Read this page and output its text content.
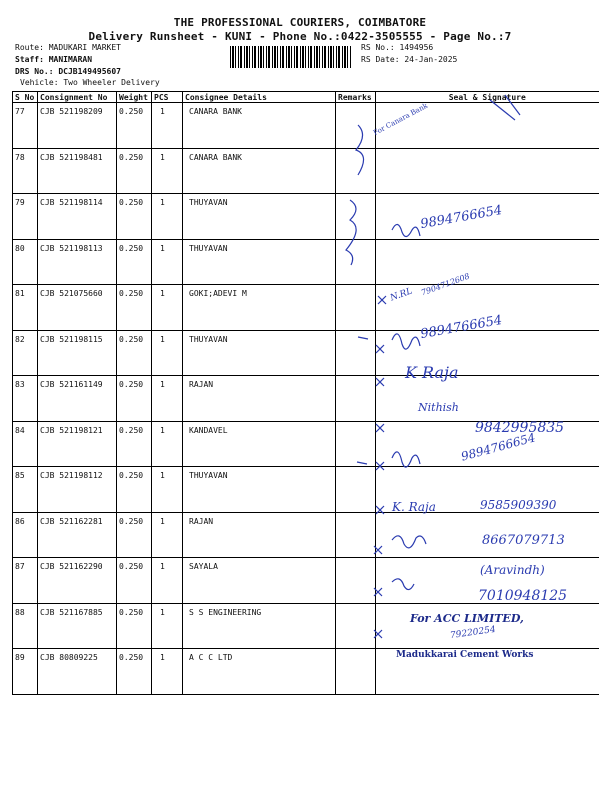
THE PROFESSIONAL COURIERS, COIMBATORE
Delivery Runsheet - KUNI - Phone No.:0422-3505555 - Page No.:7
Route: MADUKARI MARKET
Staff: MANIMARAN
DRS No.: DCJB149495607
Vehicle: Two Wheeler Delivery
RS No.: 1494956
RS Date: 24-Jan-2025
S No	Consignment No	Weight	PCS	Consignee Details	Remarks	Seal & Signature
77	CJB 521198209	0.250	1	CANARA BANK		
78	CJB 521198481	0.250	1	CANARA BANK		
79	CJB 521198114	0.250	1	THUYAVAN		
80	CJB 521198113	0.250	1	THUYAVAN		
81	CJB 521075660	0.250	1	GOKI;ADEVI M		
82	CJB 521198115	0.250	1	THUYAVAN		
83	CJB 521161149	0.250	1	RAJAN		
84	CJB 521198121	0.250	1	KANDAVEL		
85	CJB 521198112	0.250	1	THUYAVAN		
86	CJB 521162281	0.250	1	RAJAN		
87	CJB 521162290	0.250	1	SAYALA		
88	CJB 521167885	0.250	1	S S ENGINEERING		
89	CJB 80809225	0.250	1	A C C LTD		
For Canara Bank
9894766654
N.RL 7904712608
9894766654
K Raja
Nithish
9842995835
9894766654
K. Raja	9585909390
8667079713
(Aravindh)
7010948125
For ACC LIMITED,
79220254
Madukkarai Cement Works
